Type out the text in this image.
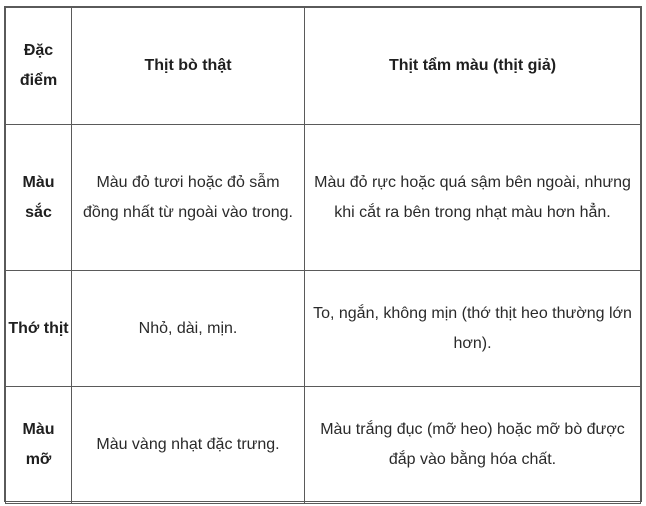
Đặc điểm	Thịt bò thật	Thịt tẩm màu (thịt giả)
Màu sắc	Màu đỏ tươi hoặc đỏ sẫm đồng nhất từ ngoài vào trong.	Màu đỏ rực hoặc quá sậm bên ngoài, nhưng khi cắt ra bên trong nhạt màu hơn hẳn.
Thớ thịt	Nhỏ, dài, mịn.	To, ngắn, không mịn (thớ thịt heo thường lớn hơn).
Màu mỡ	Màu vàng nhạt đặc trưng.	Màu trắng đục (mỡ heo) hoặc mỡ bò được đắp vào bằng hóa chất.
